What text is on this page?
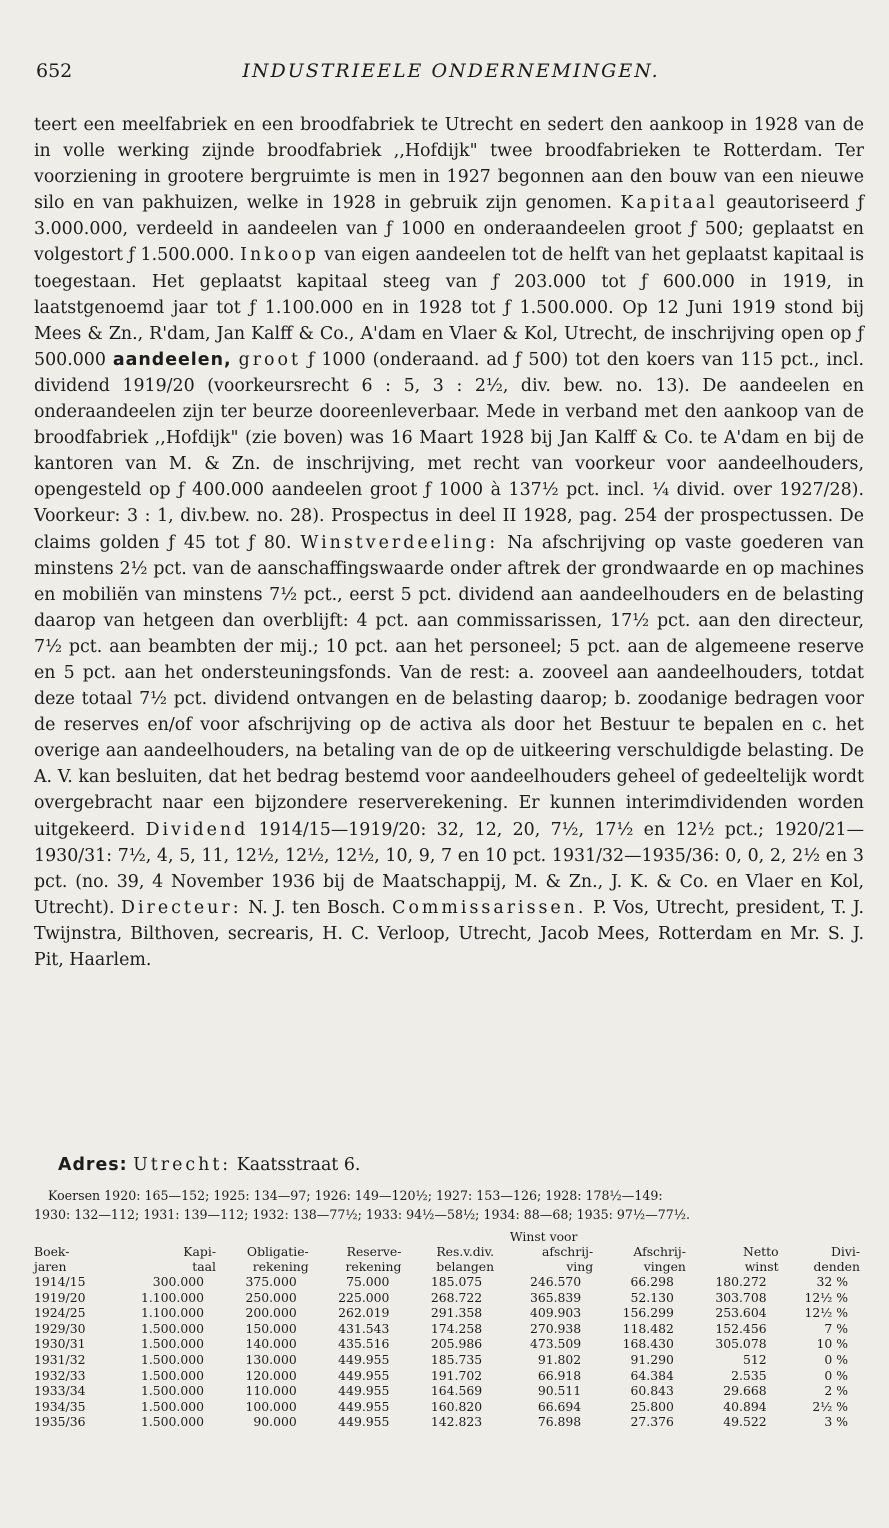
652	INDUSTRIEELE ONDERNEMINGEN.
teert een meelfabriek en een broodfabriek te Utrecht en sedert den aankoop in 1928 van de in volle werking zijnde broodfabriek ,,Hofdijk" twee broodfabrieken te Rotterdam. Ter voorziening in grootere bergruimte is men in 1927 begonnen aan den bouw van een nieuwe silo en van pakhuizen, welke in 1928 in gebruik zijn genomen. Kapitaal geautoriseerd ƒ 3.000.000, verdeeld in aandeelen van ƒ 1000 en onderaandeelen groot ƒ 500; geplaatst en volgestort ƒ 1.500.000. Inkoop van eigen aandeelen tot de helft van het geplaatst kapitaal is toegestaan. Het geplaatst kapitaal steeg van ƒ 203.000 tot ƒ 600.000 in 1919, in laatstgenoemd jaar tot ƒ 1.100.000 en in 1928 tot ƒ 1.500.000. Op 12 Juni 1919 stond bij Mees & Zn., R'dam, Jan Kalff & Co., A'dam en Vlaer & Kol, Utrecht, de inschrijving open op ƒ 500.000 aandeelen, groot ƒ 1000 (onderaand. ad ƒ 500) tot den koers van 115 pct., incl. dividend 1919/20 (voorkeursrecht 6 : 5, 3 : 2½, div. bew. no. 13). De aandeelen en onderaandeelen zijn ter beurze dooreenleverbaar. Mede in verband met den aankoop van de broodfabriek ,,Hofdijk" (zie boven) was 16 Maart 1928 bij Jan Kalff & Co. te A'dam en bij de kantoren van M. & Zn. de inschrijving, met recht van voorkeur voor aandeelhouders, opengesteld op ƒ 400.000 aandeelen groot ƒ 1000 à 137½ pct. incl. ¼ divid. over 1927/28). Voorkeur: 3 : 1, div.bew. no. 28). Prospectus in deel II 1928, pag. 254 der prospectussen. De claims golden ƒ 45 tot ƒ 80. Winstverdeeling: Na afschrijving op vaste goederen van minstens 2½ pct. van de aanschaffingswaarde onder aftrek der grondwaarde en op machines en mobiliën van minstens 7½ pct., eerst 5 pct. dividend aan aandeelhouders en de belasting daarop van hetgeen dan overblijft: 4 pct. aan commissarissen, 17½ pct. aan den directeur, 7½ pct. aan beambten der mij.; 10 pct. aan het personeel; 5 pct. aan de algemeene reserve en 5 pct. aan het ondersteuningsfonds. Van de rest: a. zooveel aan aandeelhouders, totdat deze totaal 7½ pct. dividend ontvangen en de belasting daarop; b. zoodanige bedragen voor de reserves en/of voor afschrijving op de activa als door het Bestuur te bepalen en c. het overige aan aandeelhouders, na betaling van de op de uitkeering verschuldigde belasting. De A. V. kan besluiten, dat het bedrag bestemd voor aandeelhouders geheel of gedeeltelijk wordt overgebracht naar een bijzondere reserverekening. Er kunnen interimdividenden worden uitgekeerd. Dividend 1914/15—1919/20: 32, 12, 20, 7½, 17½ en 12½ pct.; 1920/21—1930/31: 7½, 4, 5, 11, 12½, 12½, 12½, 10, 9, 7 en 10 pct. 1931/32—1935/36: 0, 0, 2, 2½ en 3 pct. (no. 39, 4 November 1936 bij de Maatschappij, M. & Zn., J. K. & Co. en Vlaer en Kol, Utrecht). Directeur: N. J. ten Bosch. Commissarissen. P. Vos, Utrecht, president, T. J. Twijnstra, Bilthoven, secrearis, H. C. Verloop, Utrecht, Jacob Mees, Rotterdam en Mr. S. J. Pit, Haarlem.
Adres: Utrecht: Kaatsstraat 6.
Koersen 1920: 165—152; 1925: 134—97; 1926: 149—120½; 1927: 153—126; 1928: 178½—149:
1930: 132—112; 1931: 139—112; 1932: 138—77½; 1933: 94½—58½; 1934: 88—68; 1935: 97½—77½.
					Winst voor			
Boek-	Kapi-	Obligatie-	Reserve-	Res.v.div.	afschrij-	Afschrij-	Netto	Divi-
jaren	taal	rekening	rekening	belangen	ving	vingen	winst	denden
1914/15	300.000	375.000	75.000	185.075	246.570	66.298	180.272	32 %
1919/20	1.100.000	250.000	225.000	268.722	365.839	52.130	303.708	12½ %
1924/25	1.100.000	200.000	262.019	291.358	409.903	156.299	253.604	12½ %
1929/30	1.500.000	150.000	431.543	174.258	270.938	118.482	152.456	7 %
1930/31	1.500.000	140.000	435.516	205.986	473.509	168.430	305.078	10 %
1931/32	1.500.000	130.000	449.955	185.735	91.802	91.290	512	0 %
1932/33	1.500.000	120.000	449.955	191.702	66.918	64.384	2.535	0 %
1933/34	1.500.000	110.000	449.955	164.569	90.511	60.843	29.668	2 %
1934/35	1.500.000	100.000	449.955	160.820	66.694	25.800	40.894	2½ %
1935/36	1.500.000	90.000	449.955	142.823	76.898	27.376	49.522	3 %
